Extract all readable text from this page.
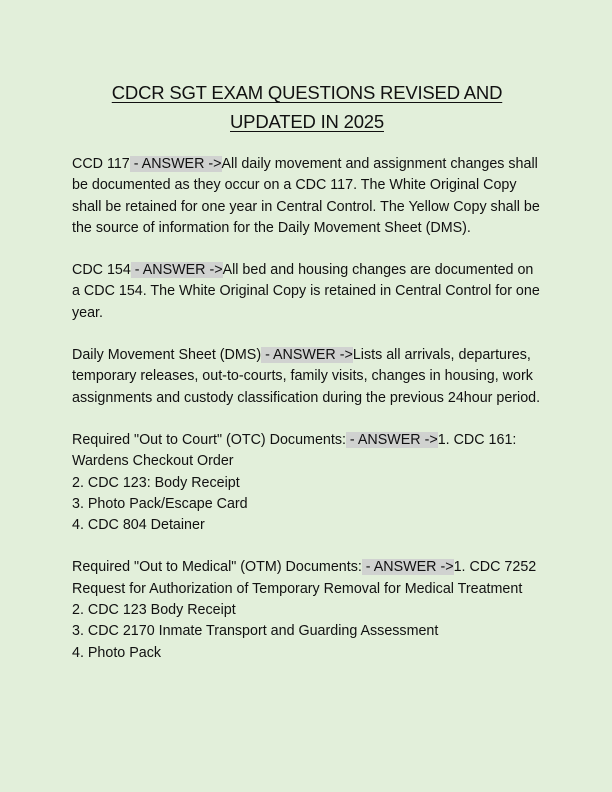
CDCR SGT EXAM QUESTIONS REVISED AND UPDATED IN 2025

CCD 117 - ANSWER ->All daily movement and assignment changes shall be documented as they occur on a CDC 117. The White Original Copy shall be retained for one year in Central Control. The Yellow Copy shall be the source of information for the Daily Movement Sheet (DMS).

CDC 154 - ANSWER ->All bed and housing changes are documented on a CDC 154. The White Original Copy is retained in Central Control for one year.

Daily Movement Sheet (DMS) - ANSWER ->Lists all arrivals, departures, temporary releases, out-to-courts, family visits, changes in housing, work assignments and custody classification during the previous 24hour period.

Required "Out to Court" (OTC) Documents: - ANSWER ->1. CDC 161: Wardens Checkout Order

2. CDC 123: Body Receipt
3. Photo Pack/Escape Card
4. CDC 804 Detainer

Required "Out to Medical" (OTM) Documents: - ANSWER ->1. CDC 7252 Request for Authorization of Temporary Removal for Medical Treatment

2. CDC 123 Body Receipt
3. CDC 2170 Inmate Transport and Guarding Assessment
4. Photo Pack
